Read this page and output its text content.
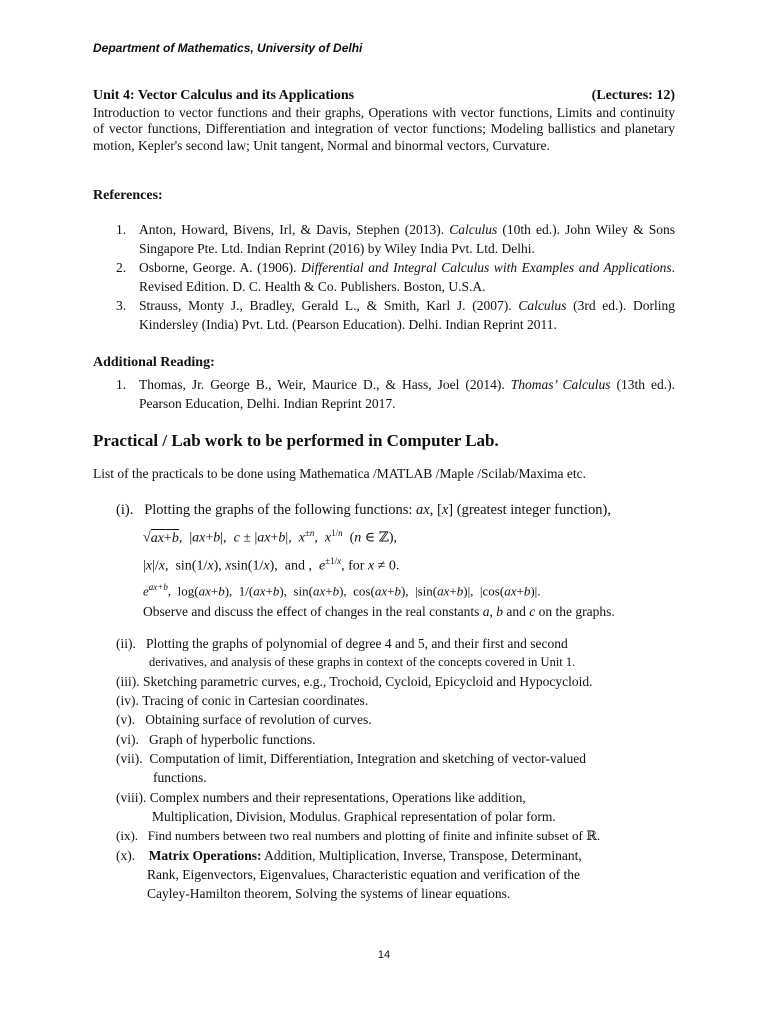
Department of Mathematics, University of Delhi
Unit 4: Vector Calculus and its Applications	(Lectures: 12)
Introduction to vector functions and their graphs, Operations with vector functions, Limits and continuity of vector functions, Differentiation and integration of vector functions; Modeling ballistics and planetary motion, Kepler's second law; Unit tangent, Normal and binormal vectors, Curvature.
References:
1. Anton, Howard, Bivens, Irl, & Davis, Stephen (2013). Calculus (10th ed.). John Wiley & Sons Singapore Pte. Ltd. Indian Reprint (2016) by Wiley India Pvt. Ltd. Delhi.
2. Osborne, George. A. (1906). Differential and Integral Calculus with Examples and Applications. Revised Edition. D. C. Health & Co. Publishers. Boston, U.S.A.
3. Strauss, Monty J., Bradley, Gerald L., & Smith, Karl J. (2007). Calculus (3rd ed.). Dorling Kindersley (India) Pvt. Ltd. (Pearson Education). Delhi. Indian Reprint 2011.
Additional Reading:
1. Thomas, Jr. George B., Weir, Maurice D., & Hass, Joel (2014). Thomas’ Calculus (13th ed.). Pearson Education, Delhi. Indian Reprint 2017.
Practical / Lab work to be performed in Computer Lab.
List of the practicals to be done using Mathematica /MATLAB /Maple /Scilab/Maxima etc.
(i). Plotting the graphs of the following functions: ax, [x] (greatest integer function),
√ax+b,  |ax+b|,  c ± |ax+b|,  $x^{\pm n}$,  $x^{1/n}$ (n ∈ ℤ),
|x|/x,  sin(1/x), xsin(1/x),  and ,  $e^{\pm 1/x}$, for x ≠ 0.
$e^{ax+b}$,  log(ax+b),  1/(ax+b),  sin(ax+b),  cos(ax+b),  |sin(ax+b)|,  |cos(ax+b)|.
Observe and discuss the effect of changes in the real constants a, b and c on the graphs.
(ii). Plotting the graphs of polynomial of degree 4 and 5, and their first and second
derivatives, and analysis of these graphs in context of the concepts covered in Unit 1.
(iii). Sketching parametric curves, e.g., Trochoid, Cycloid, Epicycloid and Hypocycloid.
(iv). Tracing of conic in Cartesian coordinates.
(v). Obtaining surface of revolution of curves.
(vi). Graph of hyperbolic functions.
(vii). Computation of limit, Differentiation, Integration and sketching of vector-valued
functions.
(viii). Complex numbers and their representations, Operations like addition,
Multiplication, Division, Modulus. Graphical representation of polar form.
(ix). Find numbers between two real numbers and plotting of finite and infinite subset of ℝ.
(x). Matrix Operations: Addition, Multiplication, Inverse, Transpose, Determinant,
Rank, Eigenvectors, Eigenvalues, Characteristic equation and verification of the
Cayley-Hamilton theorem, Solving the systems of linear equations.
14
